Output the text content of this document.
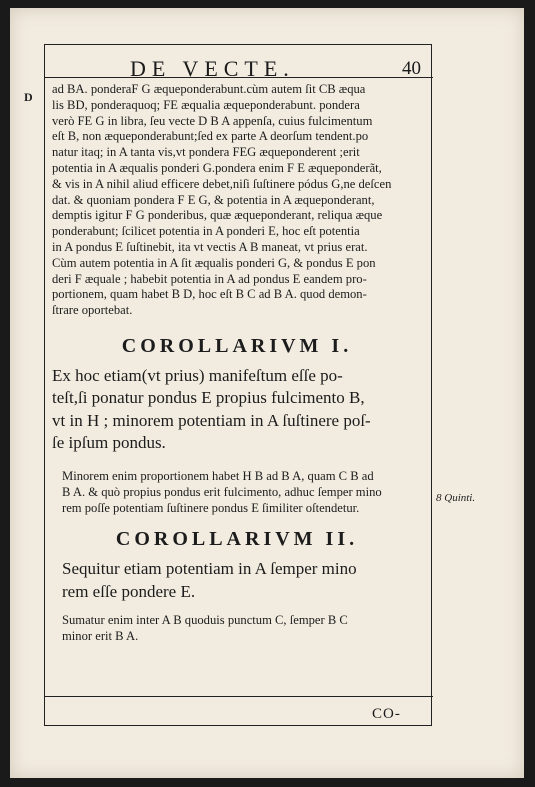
DE VECTE.	40
D
8 Quinti.
ad BA. ponderaF G æqueponderabunt.cùm autem ſit CB æqua
lis BD, ponderaquoq; FE æqualia æqueponderabunt. pondera
verò FE G in libra, ſeu vecte D B A appenſa, cuius fulcimentum
eſt B, non æqueponderabunt;ſed ex parte A deorſum tendent.po
natur itaq; in A tanta vis,vt pondera FEG æqueponderent ;erit
potentia in A æqualis ponderi G.pondera enim F E æqueponderãt,
& vis in A nihil aliud efficere debet,niſi ſuſtinere pódus G,ne deſcen
dat. & quoniam pondera F E G, & potentia in A æqueponderant,
demptis igitur F G ponderibus, quæ æqueponderant, reliqua æque
ponderabunt; ſcilicet potentia in A ponderi E, hoc eſt potentia
in A pondus E ſuſtinebit, ita vt vectis A B maneat, vt prius erat.
Cùm autem potentia in A ſit æqualis ponderi G, & pondus E pon
deri F æquale ; habebit potentia in A ad pondus E eandem pro-
portionem, quam habet B D, hoc eſt B C ad B A. quod demon-
ſtrare oportebat.
COROLLARIVM I.
Ex hoc etiam(vt prius) manifeſtum eſſe po-
teſt,ſi ponatur pondus E propius fulcimento B,
vt in H ; minorem potentiam in A ſuſtinere poſ-
ſe ipſum pondus.
Minorem enim proportionem habet H B ad B A, quam C B ad
B A. & quò propius pondus erit fulcimento, adhuc ſemper mino
rem poſſe potentiam ſuſtinere pondus E ſimiliter oſtendetur.
COROLLARIVM II.
Sequitur etiam potentiam in A ſemper mino
rem eſſe pondere E.
Sumatur enim inter A B quoduis punctum C, ſemper B C
minor erit B A.
CO-
